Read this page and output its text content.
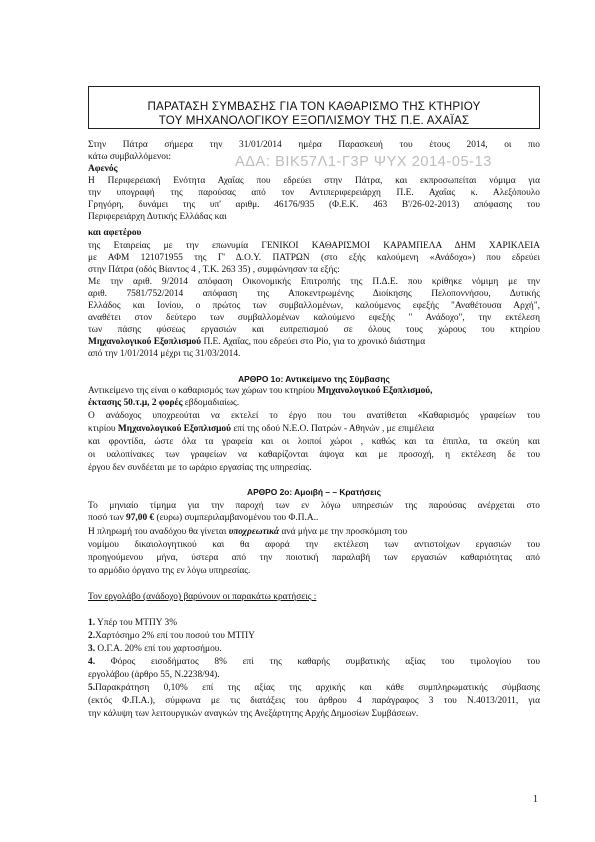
ΠΑΡΑΤΑΣΗ ΣΥΜΒΑΣΗΣ ΓΙΑ ΤΟΝ ΚΑΘΑΡΙΣΜΟ ΤΗΣ ΚΤΗΡΙΟΥ
ΤΟΥ ΜΗΧΑΝΟΛΟΓΙΚΟΥ ΕΞΟΠΛΙΣΜΟΥ ΤΗΣ Π.Ε. ΑΧΑΪΑΣ
Στην Πάτρα σήμερα την 31/01/2014 ημέρα Παρασκευή του έτους 2014, οι πιο
κάτω συμβαλλόμενοι:
Αφενός
Η Περιφερειακή Ενότητα Αχαΐας που εδρεύει στην Πάτρα, και εκπροσωπείται νόμιμα για
την υπογραφή της παρούσας από τον Αντιπεριφερειάρχη Π.Ε. Αχαΐας κ. Αλεξόπουλο
Γρηγόρη, δυνάμει της υπ' αριθμ. 46176/935 (Φ.Ε.Κ. 463 Β'/26-02-2013) απόφασης του
Περιφερειάρχη Δυτικής Ελλάδας και
και αφετέρου
της Εταιρείας με την επωνυμία ΓΕΝΙΚΟΙ ΚΑΘΑΡΙΣΜΟΙ ΚΑΡΑΜΠΕΛΑ ΔΗΜ ΧΑΡΙΚΛΕΙΑ
με ΑΦΜ 121071955 της Γ' Δ.Ο.Υ. ΠΑΤΡΩΝ (στο εξής καλούμενη «Ανάδοχο») που εδρεύει
στην Πάτρα (οδός Βίαντος 4 , Τ.Κ. 263 35) , συμφώνησαν τα εξής:
Με την αριθ. 9/2014 απόφαση Οικονομικής Επιτροπής της Π.Δ.Ε. που κρίθηκε νόμιμη με την
αριθ. 7581/752/2014 απόφαση της Αποκεντρωμένης Διοίκησης Πελοποννήσου, Δυτικής
Ελλάδος και Ιονίου, ο πρώτος των συμβαλλομένων, καλούμενος εφεξής "Αναθέτουσα Αρχή",
αναθέτει στον δεύτερο των συμβαλλομένων καλούμενο εφεξής " Ανάδοχο", την εκτέλεση
των πάσης φύσεως εργασιών και ευπρεπισμού σε όλους τους χώρους του κτηρίου
Μηχανολογικού Εξοπλισμού Π.Ε. Αχαΐας, που εδρεύει στο Ρίο, για το χρονικό διάστημα
από την 1/01/2014 μέχρι τις 31/03/2014.
ΑΔΑ: ΒΙΚ57Λ1-Γ3Ρ ΨΥΧ 2014-05-13
ΑΡΘΡΟ 1ο: Αντικείμενο της Σύμβασης
Αντικείμενο της είναι ο καθαρισμός των χώρων του κτηρίου Μηχανολογικού Εξοπλισμού,
έκτασης 50.τ.μ, 2 φορές εβδομαδιαίως.
Ο ανάδοχος υποχρεούται να εκτελεί το έργο που του ανατίθεται «Καθαρισμός γραφείων του
κτιρίου Μηχανολογικού Εξοπλισμού επί της οδού Ν.Ε.Ο. Πατρών - Αθηνών , με επιμέλεια
και φροντίδα, ώστε όλα τα γραφεία και οι λοιποί χώροι , καθώς και τα έπιπλα, τα σκεύη και
οι υαλοπίνακες των γραφείων να καθαρίζονται άψογα και με προσοχή, η εκτέλεση δε του
έργου δεν συνδέεται με το ωράριο εργασίας της υπηρεσίας.
ΑΡΘΡΟ 2ο: Αμοιβή – – Κρατήσεις
Το μηνιαίο τίμημα για την παροχή των εν λόγω υπηρεσιών της παρούσας ανέρχεται στο
ποσό των 97,00 € (ευρω) συμπεριλαμβανομένου του Φ.Π.Α..
Η πληρωμή του αναδόχου θα γίνεται υποχρεωτικά ανά μήνα με την προσκόμιση του
νομίμου δικαιολογητικού και θα αφορά την εκτέλεση των αντιστοίχων εργασιών του
προηγούμενου μήνα, ύστερα από την ποιοτική παραλαβή των εργασιών καθαριότητας από
το αρμόδιο όργανο της εν λόγω υπηρεσίας.
Τον εργολάβο (ανάδοχο) βαρύνουν οι παρακάτω κρατήσεις :
1. Υπέρ του ΜΤΠΥ 3%
2.Χαρτόσημο 2% επί του ποσού του ΜΤΠΥ
3. Ο.Γ.Α. 20% επί του χαρτοσήμου.
4. Φόρος εισοδήματος 8% επί της καθαρής συμβατικής αξίας του τιμολογίου του
εργολάβου (άρθρο 55, Ν.2238/94).
5.Παρακράτηση 0,10% επί της αξίας της αρχικής και κάθε συμπληρωματικής σύμβασης
(εκτός Φ.Π.Α.), σύμφωνα με τις διατάξεις του άρθρου 4 παράγραφος 3 του Ν.4013/2011, για
την κάλυψη των λειτουργικών αναγκών της Ανεξάρτητης Αρχής Δημοσίων Συμβάσεων.
1
